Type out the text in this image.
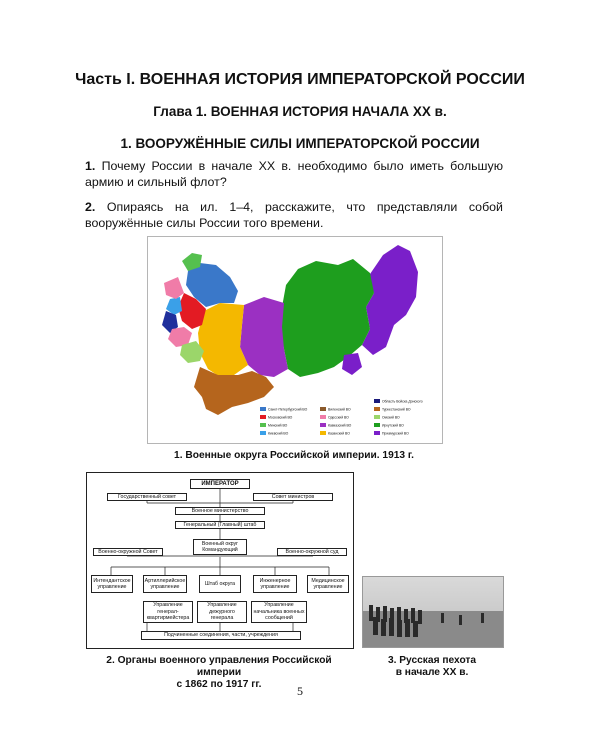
Часть I. ВОЕННАЯ ИСТОРИЯ ИМПЕРАТОРСКОЙ РОССИИ
Глава 1. ВОЕННАЯ ИСТОРИЯ НАЧАЛА XX в.
1. ВООРУЖЁННЫЕ СИЛЫ ИМПЕРАТОРСКОЙ РОССИИ
1. Почему России в начале XX в. необходимо было иметь большую армию и сильный флот?
2. Опираясь на ил. 1–4, расскажите, что представляли собой вооружённые силы России того времени.
Санкт-Петербургский ВО
Московский ВО
Минский ВО
Киевский ВО
Виленский ВО
Одесский ВО
Кавказский ВО
Казанский ВО
Область Войска Донского
Туркестанский ВО
Омский ВО
Иркутский ВО
Приамурский ВО
1. Военные округа Российской империи. 1913 г.
ИМПЕРАТОР
Государственный совет	Совет министров
Военное министерство
Генеральный (Главный) штаб
Военный округ Командующий
Военно-окружной Совет	Военно-окружной суд
Интендантское управление
Артиллерийское управление
Штаб округа
Инженерное управление
Медицинское управление
Управление генерал-квартирмейстера
Управление дежурного генерала
Управление начальника военных сообщений
Подчиненные соединения, части, учреждения
2. Органы военного управления Российской империи
с 1862 по 1917 гг.
3. Русская пехота
в начале XX в.
5
